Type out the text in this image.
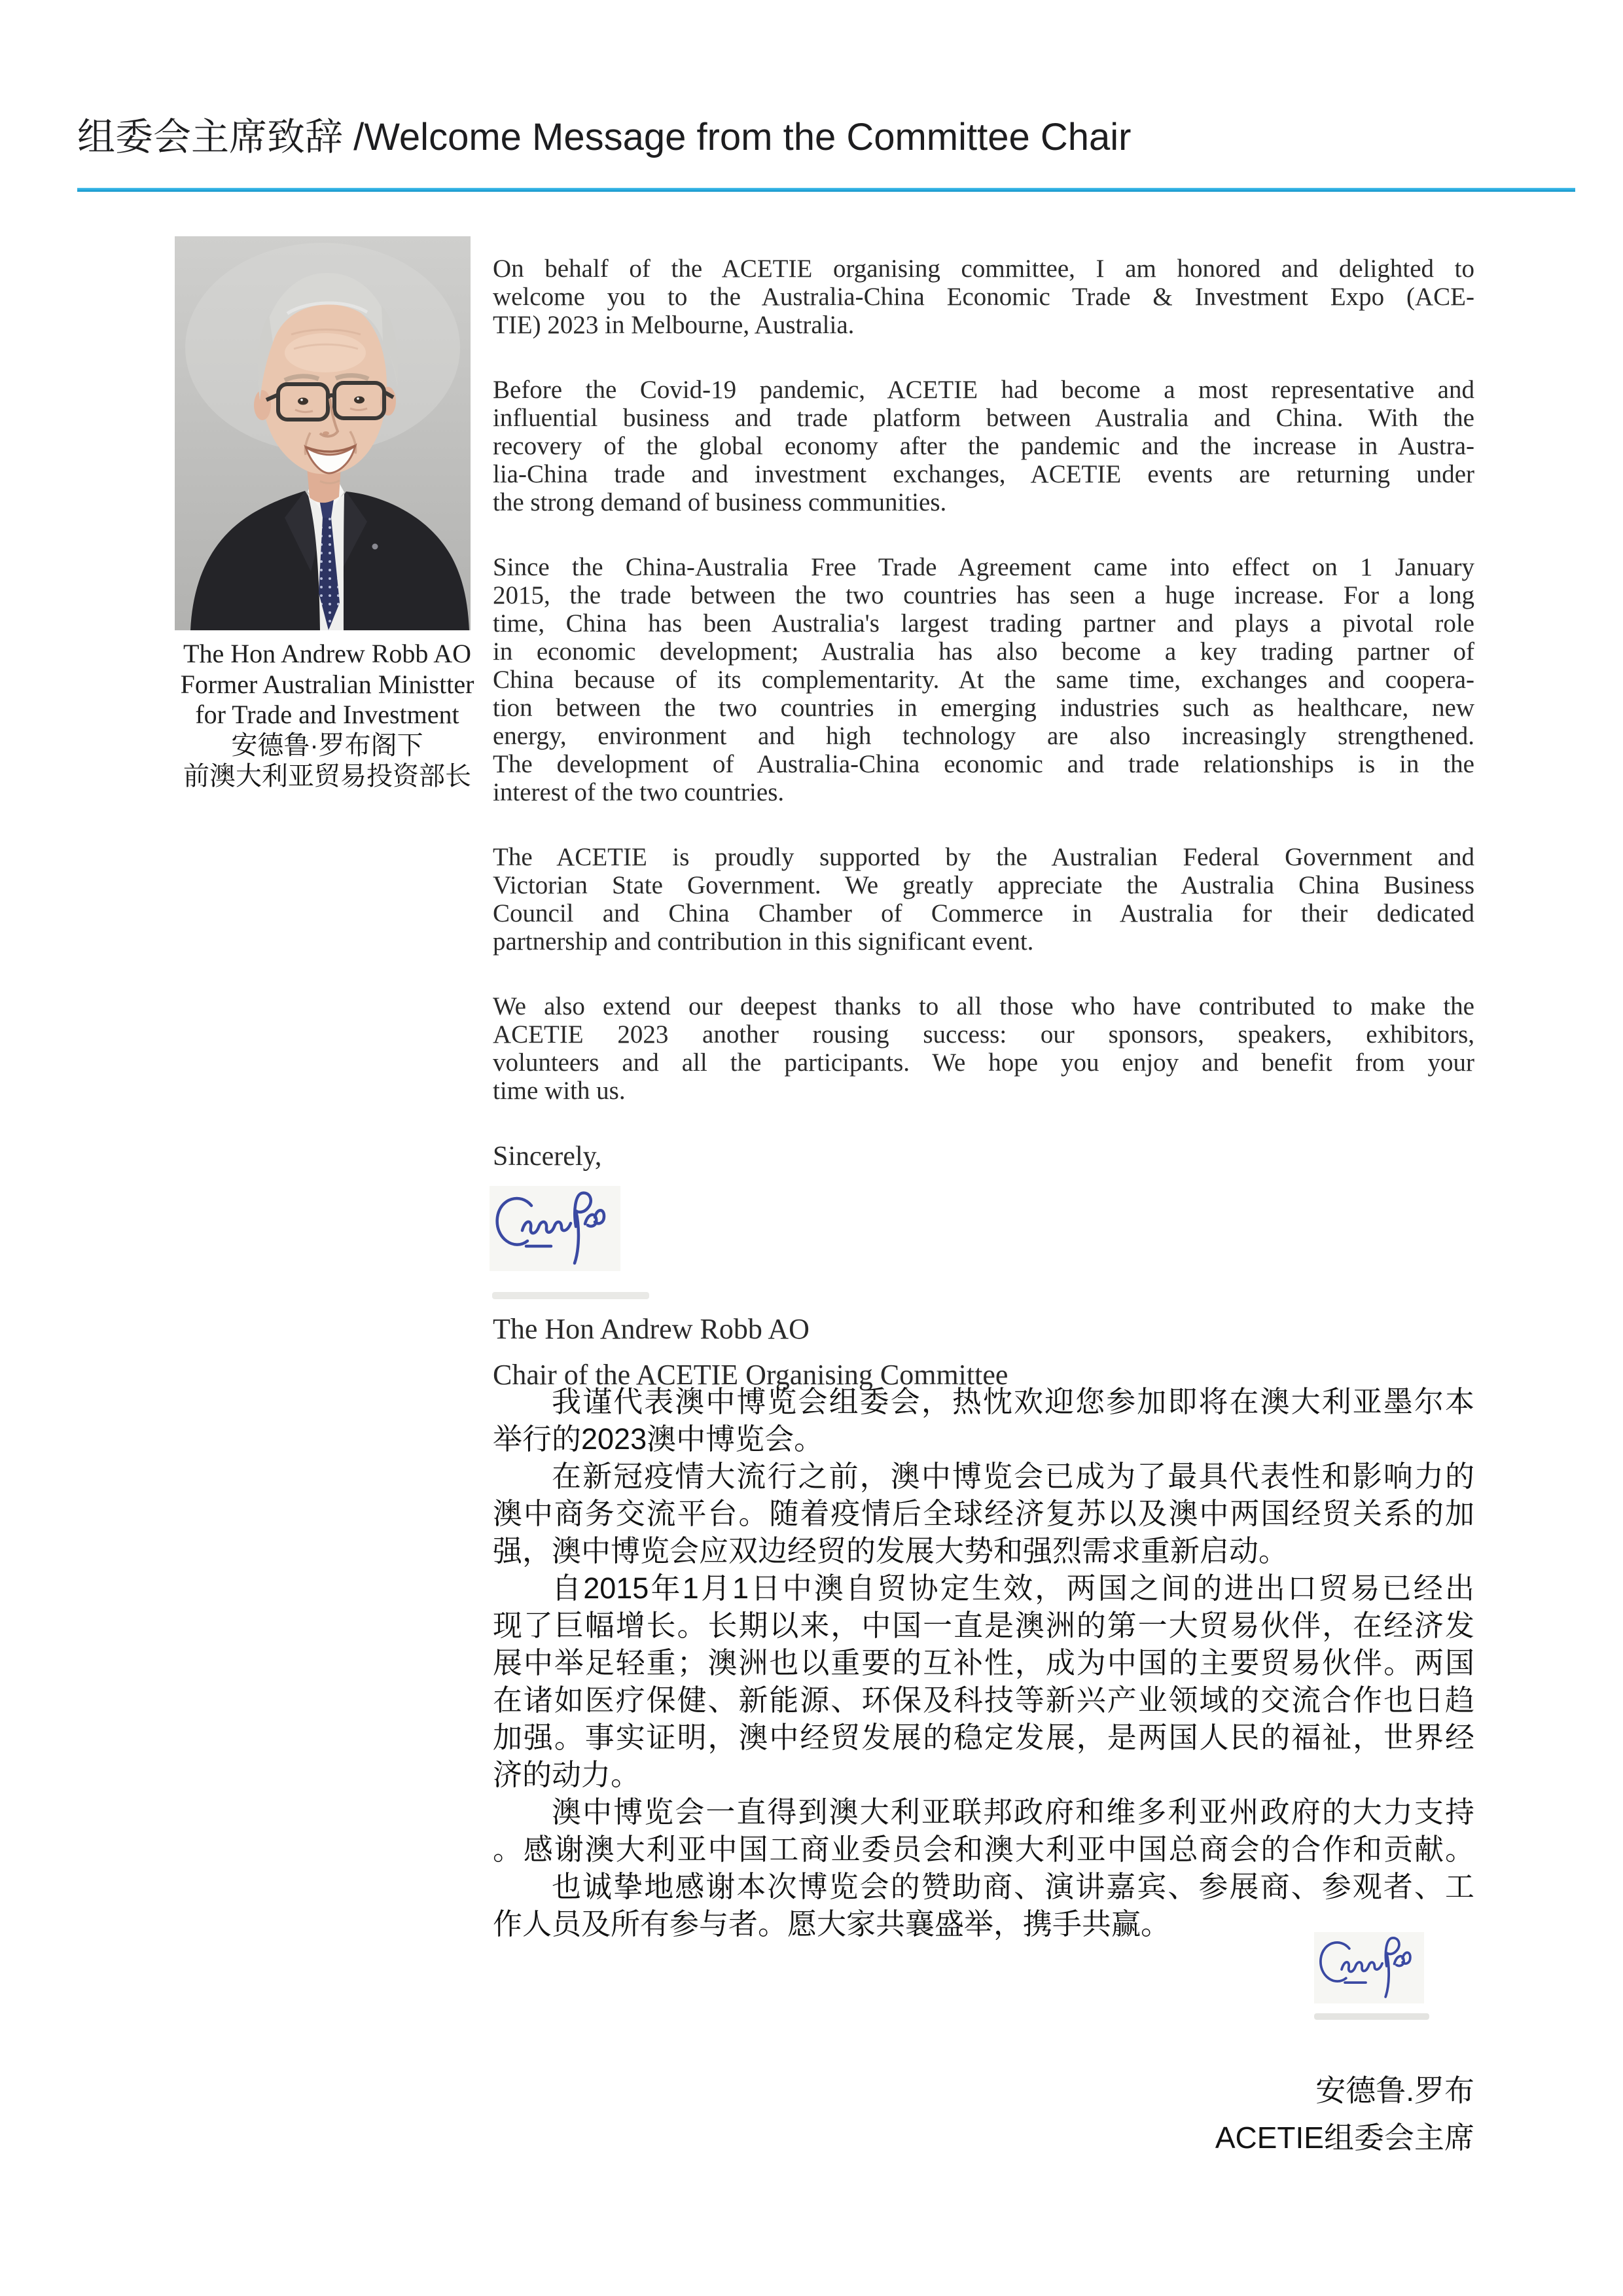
组委会主席致辞 /Welcome Message from the Committee Chair
The Hon Andrew Robb AO
Former Australian Ministter
for Trade and Investment
安德鲁·罗布阁下
前澳大利亚贸易投资部长
On behalf of the ACETIE organising committee, I am honored and delighted to
welcome you to the Australia-China Economic Trade & Investment Expo (ACE-
TIE) 2023 in Melbourne, Australia.
Before the Covid-19 pandemic, ACETIE had become a most representative and
influential business and trade platform between Australia and China. With the
recovery of the global economy after the pandemic and the increase in Austra-
lia-China trade and investment exchanges, ACETIE events are returning under
the strong demand of business communities.
Since the China-Australia Free Trade Agreement came into effect on 1 January
2015, the trade between the two countries has seen a huge increase. For a long
time, China has been Australia's largest trading partner and plays a pivotal role
in economic development; Australia has also become a key trading partner of
China because of its complementarity. At the same time, exchanges and coopera-
tion between the two countries in emerging industries such as healthcare, new
energy, environment and high technology are also increasingly strengthened.
The development of Australia-China economic and trade relationships is in the
interest of the two countries.
The ACETIE is proudly supported by the Australian Federal Government and
Victorian State Government. We greatly appreciate the Australia China Business
Council and China Chamber of Commerce in Australia for their dedicated
partnership and contribution in this significant event.
We also extend our deepest thanks to all those who have contributed to make the
ACETIE 2023 another rousing success: our sponsors, speakers, exhibitors,
volunteers and all the participants. We hope you enjoy and benefit from your
time with us.
Sincerely,
The Hon Andrew Robb AO
Chair of the ACETIE Organising Committee
我谨代表澳中博览会组委会，热忱欢迎您参加即将在澳大利亚墨尔本
举行的2023澳中博览会。
在新冠疫情大流行之前，澳中博览会已成为了最具代表性和影响力的
澳中商务交流平台。随着疫情后全球经济复苏以及澳中两国经贸关系的加
强，澳中博览会应双边经贸的发展大势和强烈需求重新启动。
自2015年1月1日中澳自贸协定生效，两国之间的进出口贸易已经出
现了巨幅增长。长期以来，中国一直是澳洲的第一大贸易伙伴，在经济发
展中举足轻重；澳洲也以重要的互补性，成为中国的主要贸易伙伴。两国
在诸如医疗保健、新能源、环保及科技等新兴产业领域的交流合作也日趋
加强。事实证明，澳中经贸发展的稳定发展，是两国人民的福祉，世界经
济的动力。
澳中博览会一直得到澳大利亚联邦政府和维多利亚州政府的大力支持
。感谢澳大利亚中国工商业委员会和澳大利亚中国总商会的合作和贡献。
也诚挚地感谢本次博览会的赞助商、演讲嘉宾、参展商、参观者、工
作人员及所有参与者。愿大家共襄盛举，携手共赢。
安德鲁.罗布
ACETIE组委会主席
